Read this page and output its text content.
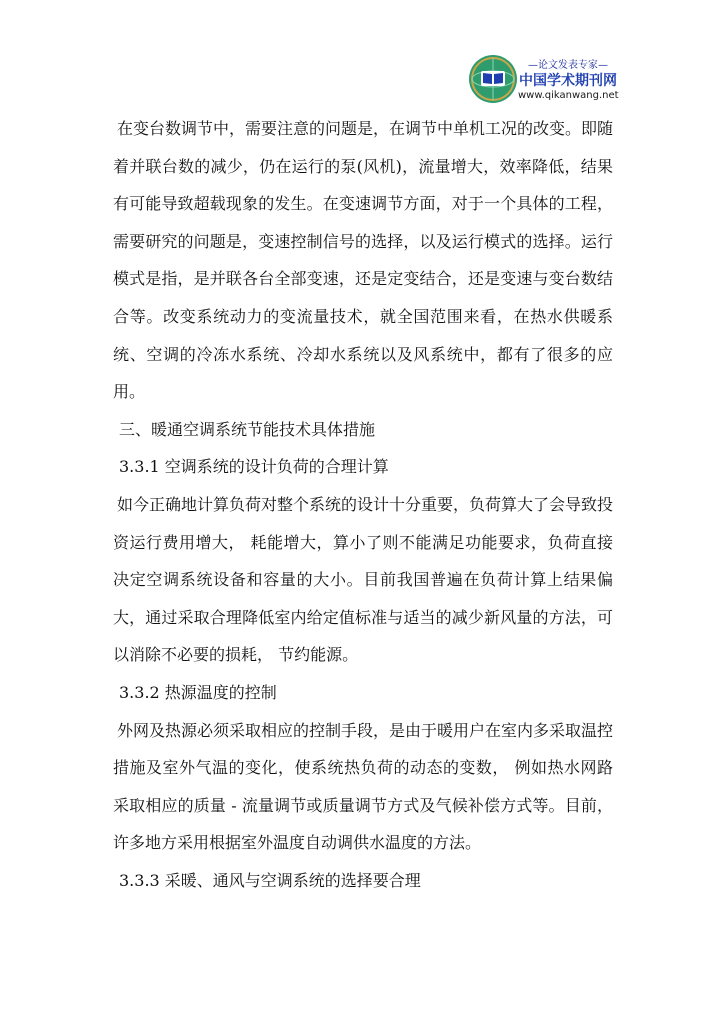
—论文发表专家—
中国学术期刊网
www.qikanwang.net

在变台数调节中，需要注意的问题是，在调节中单机工况的改变。即随着并联台数的减少，仍在运行的泵(风机)，流量增大，效率降低，结果有可能导致超载现象的发生。在变速调节方面，对于一个具体的工程，需要研究的问题是，变速控制信号的选择，以及运行模式的选择。运行模式是指，是并联各台全部变速，还是定变结合，还是变速与变台数结合等。改变系统动力的变流量技术，就全国范围来看，在热水供暖系统、空调的冷冻水系统、冷却水系统以及风系统中，都有了很多的应用。

三、暖通空调系统节能技术具体措施

3.3.1 空调系统的设计负荷的合理计算

如今正确地计算负荷对整个系统的设计十分重要，负荷算大了会导致投资运行费用增大， 耗能增大，算小了则不能满足功能要求，负荷直接决定空调系统设备和容量的大小。目前我国普遍在负荷计算上结果偏大，通过采取合理降低室内给定值标准与适当的减少新风量的方法，可以消除不必要的损耗， 节约能源。

3.3.2 热源温度的控制

外网及热源必须采取相应的控制手段，是由于暖用户在室内多采取温控措施及室外气温的变化，使系统热负荷的动态的变数， 例如热水网路采取相应的质量 - 流量调节或质量调节方式及气候补偿方式等。目前， 许多地方采用根据室外温度自动调供水温度的方法。

3.3.3 采暖、通风与空调系统的选择要合理
